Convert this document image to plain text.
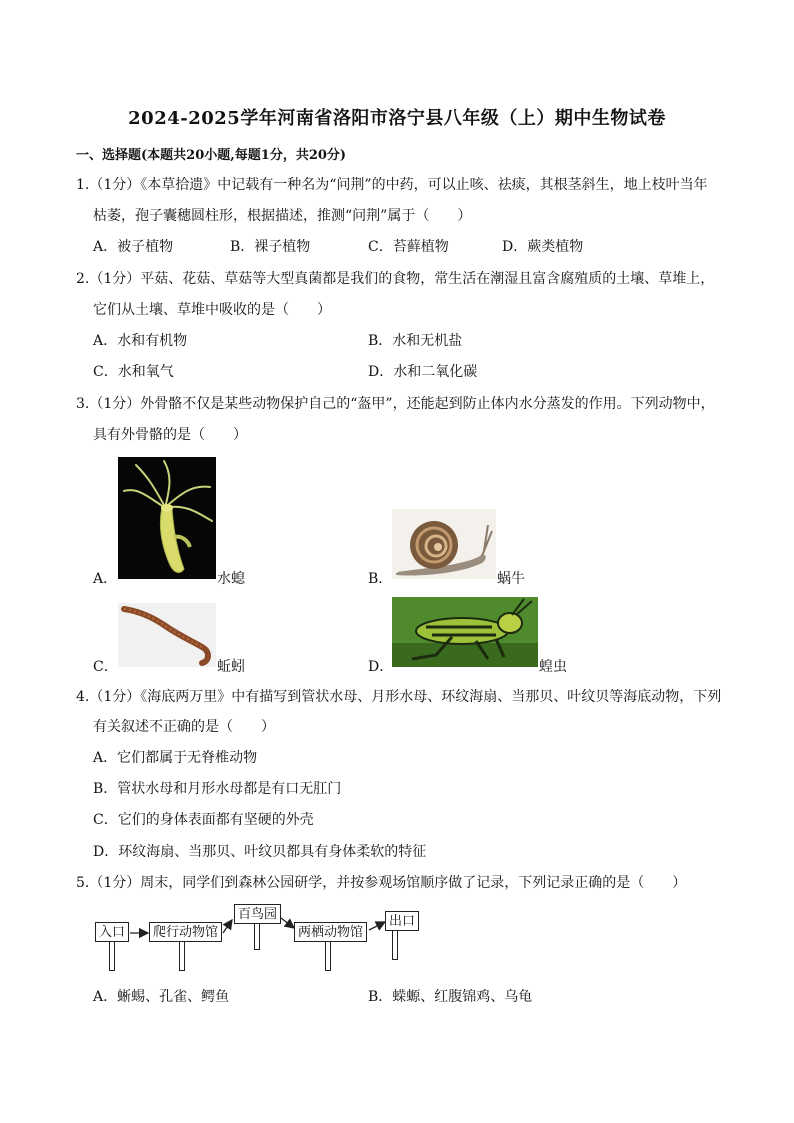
2024-2025学年河南省洛阳市洛宁县八年级（上）期中生物试卷
一、选择题(本题共20小题,每题1分，共20分)
1.（1分）《本草拾遗》中记载有一种名为“问荆”的中药，可以止咳、祛痰，其根茎斜生，地上枝叶当年
枯萎，孢子囊穗圆柱形，根据描述，推测“问荆”属于（　　）
A．被子植物	B．裸子植物	C．苔藓植物	D．蕨类植物
2.（1分）平菇、花菇、草菇等大型真菌都是我们的食物，常生活在潮湿且富含腐殖质的土壤、草堆上，
它们从土壤、草堆中吸收的是（　　）
A．水和有机物	B．水和无机盐
C．水和氧气	D．水和二氧化碳
3.（1分）外骨骼不仅是某些动物保护自己的“盔甲”，还能起到防止体内水分蒸发的作用。下列动物中，
具有外骨骼的是（　　）
A．	水螅	B．	蜗牛
C．	蚯蚓	D．	蝗虫
4.（1分）《海底两万里》中有描写到管状水母、月形水母、环纹海扇、当那贝、叶纹贝等海底动物，下列
有关叙述不正确的是（　　）
A．它们都属于无脊椎动物
B．管状水母和月形水母都是有口无肛门
C．它们的身体表面都有坚硬的外壳
D．环纹海扇、当那贝、叶纹贝都具有身体柔软的特征
5.（1分）周末，同学们到森林公园研学，并按参观场馆顺序做了记录，下列记录正确的是（　　）
入口	爬行动物馆
百鸟园
两栖动物馆
出口
A．蜥蜴、孔雀、鳄鱼	B．蝾螈、红腹锦鸡、乌龟
